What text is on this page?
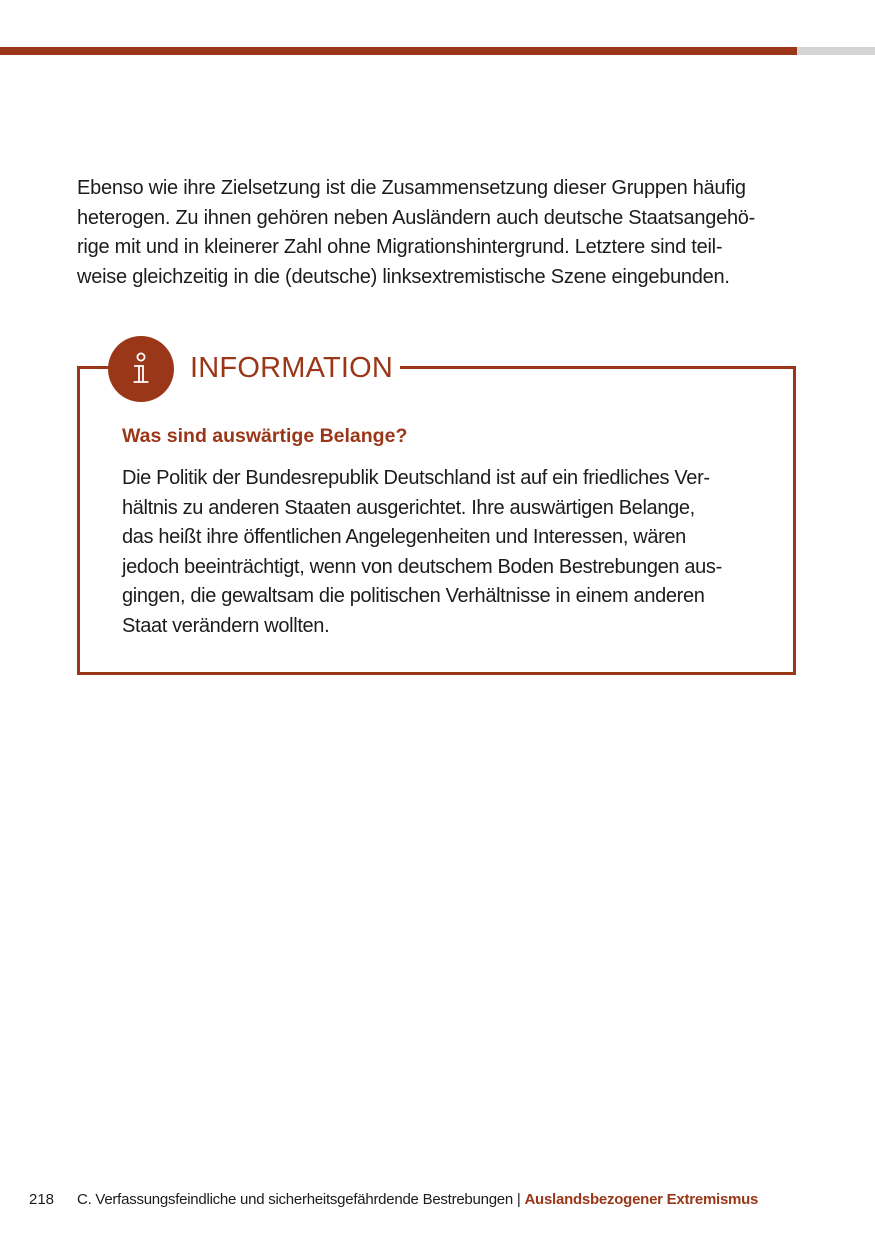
Ebenso wie ihre Zielsetzung ist die Zusammensetzung dieser Gruppen häufig
heterogen. Zu ihnen gehören neben Ausländern auch deutsche Staatsangehö-
rige mit und in kleinerer Zahl ohne Migrationshintergrund. Letztere sind teil-
weise gleichzeitig in die (deutsche) linksextremistische Szene eingebunden.

INFORMATION
Was sind auswärtige Belange?

Die Politik der Bundesrepublik Deutschland ist auf ein friedliches Ver-
hältnis zu anderen Staaten ausgerichtet. Ihre auswärtigen Belange,
das heißt ihre öffentlichen Angelegenheiten und Interessen, wären
jedoch beeinträchtigt, wenn von deutschem Boden Bestrebungen aus-
gingen, die gewaltsam die politischen Verhältnisse in einem anderen
Staat verändern wollten.

218 C. Verfassungsfeindliche und sicherheitsgefährdende Bestrebungen | Auslandsbezogener Extremismus
